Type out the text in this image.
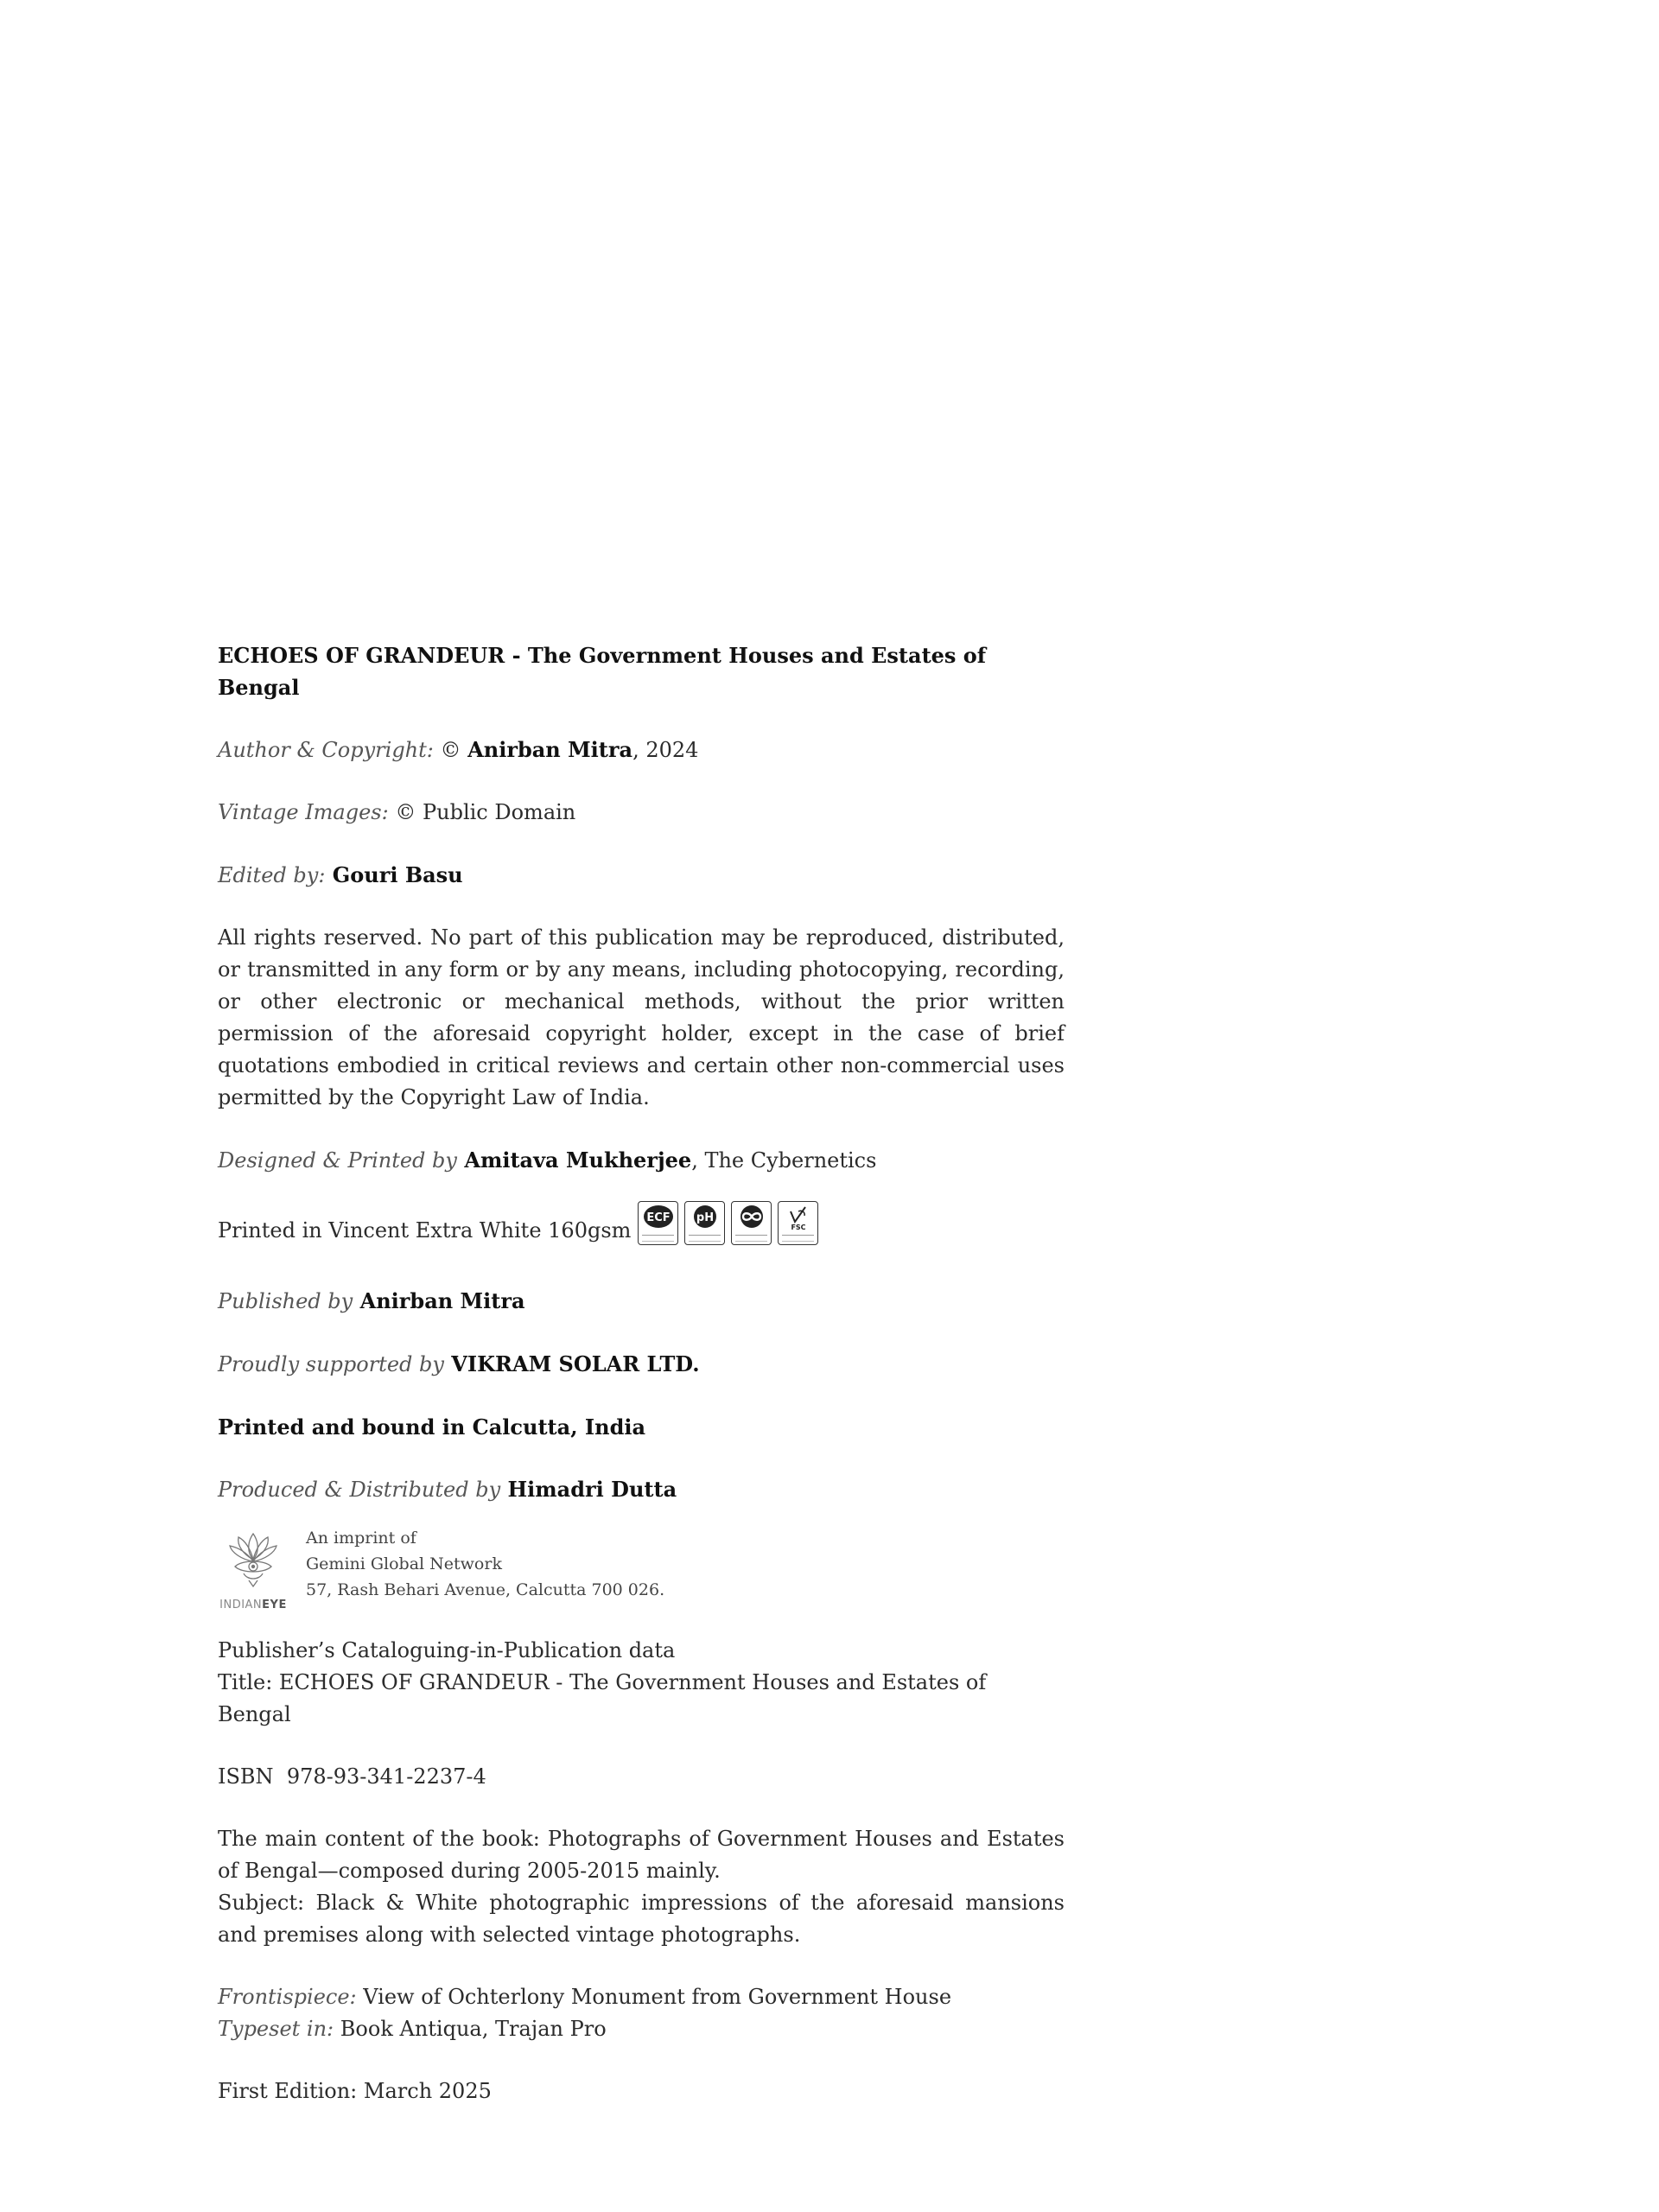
ECHOES OF GRANDEUR - The Government Houses and Estates of Bengal

Author & Copyright: © Anirban Mitra, 2024

Vintage Images: © Public Domain

Edited by: Gouri Basu

All rights reserved. No part of this publication may be reproduced, distributed, or transmitted in any form or by any means, including photocopying, recording, or other electronic or mechanical methods, without the prior written permission of the aforesaid copyright holder, except in the case of brief quotations embodied in critical reviews and certain other non-commercial uses permitted by the Copyright Law of India.

Designed & Printed by Amitava Mukherjee, The Cybernetics

Printed in Vincent Extra White 160gsm
ECF pH
FSC

Published by Anirban Mitra

Proudly supported by VIKRAM SOLAR LTD.

Printed and bound in Calcutta, India

Produced & Distributed by Himadri Dutta

INDIANEYE
An imprint of
Gemini Global Network
57, Rash Behari Avenue, Calcutta 700 026.

Publisher’s Cataloguing-in-Publication data

Title: ECHOES OF GRANDEUR - The Government Houses and Estates of Bengal

ISBN  978-93-341-2237-4

The main content of the book: Photographs of Government Houses and Estates of Bengal—composed during 2005-2015 mainly.

Subject: Black & White photographic impressions of the aforesaid mansions and premises along with selected vintage photographs.

Frontispiece: View of Ochterlony Monument from Government House

Typeset in: Book Antiqua, Trajan Pro

First Edition: March 2025
